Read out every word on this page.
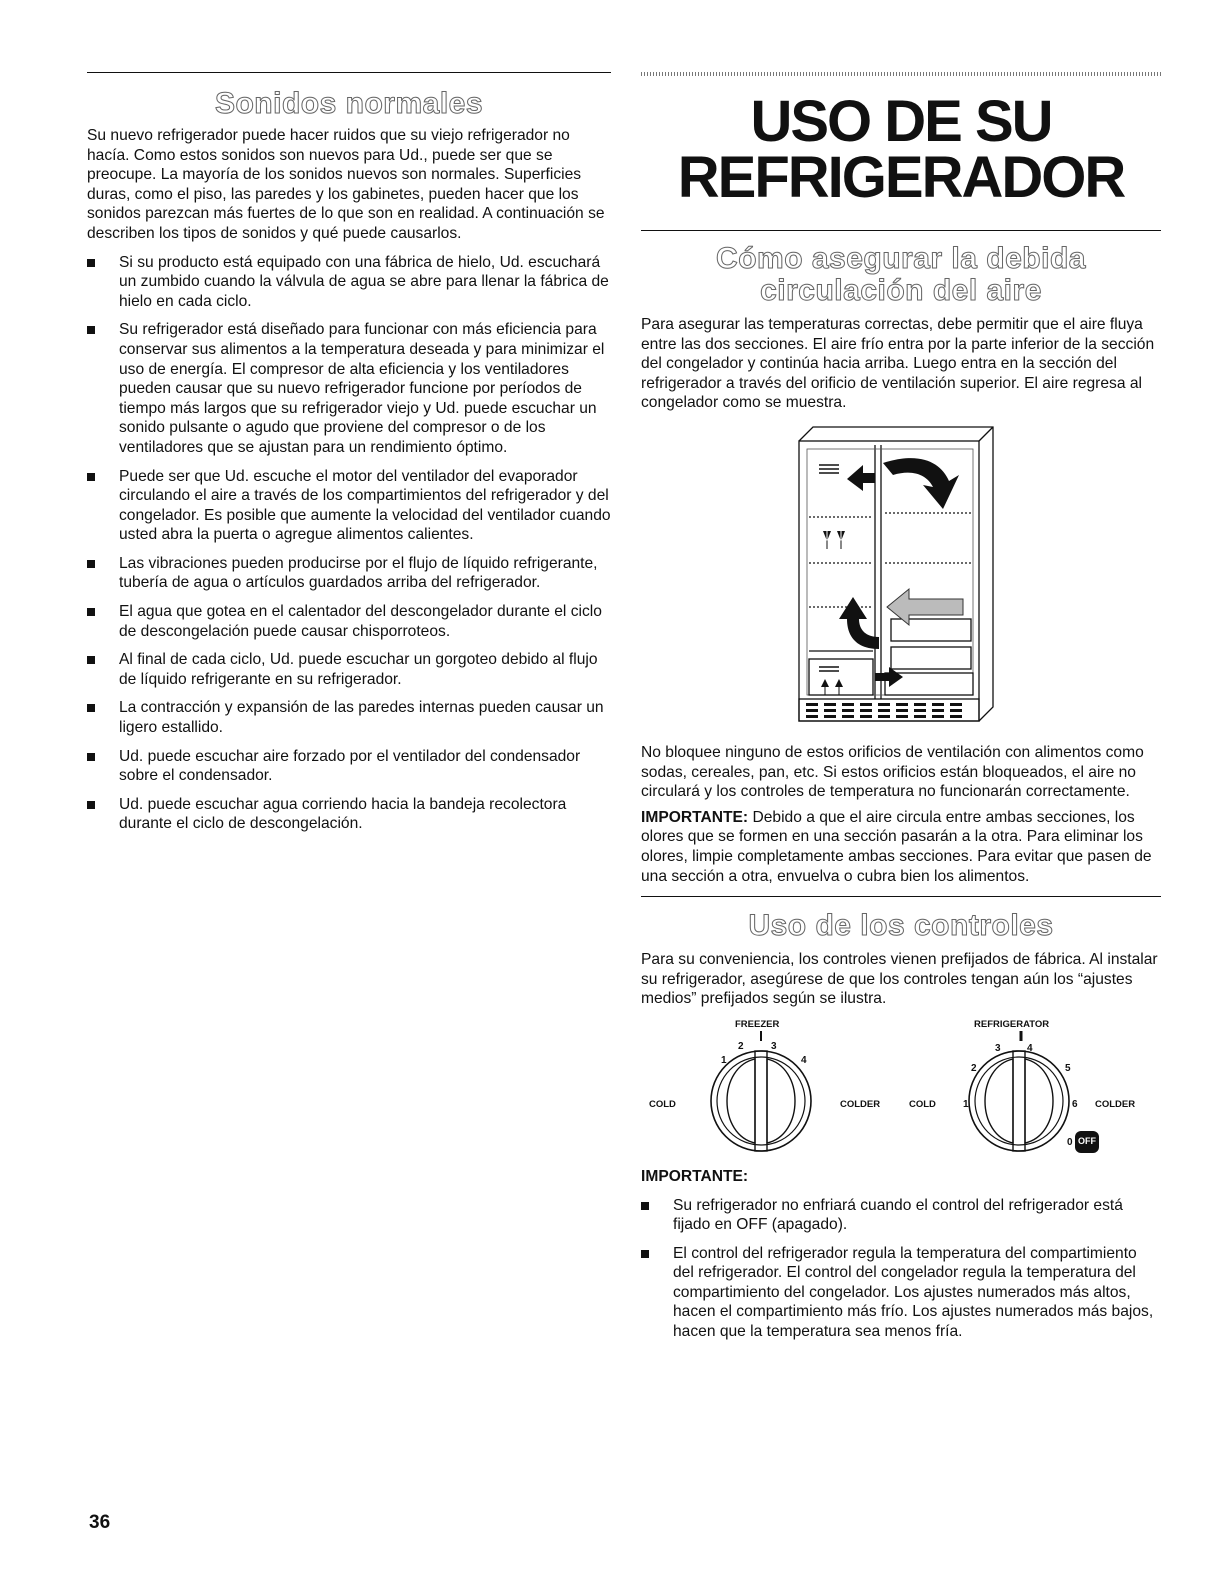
Sonidos normales

Su nuevo refrigerador puede hacer ruidos que su viejo refrigerador no hacía. Como estos sonidos son nuevos para Ud., puede ser que se preocupe. La mayoría de los sonidos nuevos son normales. Superficies duras, como el piso, las paredes y los gabinetes, pueden hacer que los sonidos parezcan más fuertes de lo que son en realidad. A continuación se describen los tipos de sonidos y qué puede causarlos.

Si su producto está equipado con una fábrica de hielo, Ud. escuchará un zumbido cuando la válvula de agua se abre para llenar la fábrica de hielo en cada ciclo.
Su refrigerador está diseñado para funcionar con más eficiencia para conservar sus alimentos a la temperatura deseada y para minimizar el uso de energía. El compresor de alta eficiencia y los ventiladores pueden causar que su nuevo refrigerador funcione por períodos de tiempo más largos que su refrigerador viejo y Ud. puede escuchar un sonido pulsante o agudo que proviene del compresor o de los ventiladores que se ajustan para un rendimiento óptimo.
Puede ser que Ud. escuche el motor del ventilador del evaporador circulando el aire a través de los compartimientos del refrigerador y del congelador. Es posible que aumente la velocidad del ventilador cuando usted abra la puerta o agregue alimentos calientes.
Las vibraciones pueden producirse por el flujo de líquido refrigerante, tubería de agua o artículos guardados arriba del refrigerador.
El agua que gotea en el calentador del descongelador durante el ciclo de descongelación puede causar chisporroteos.
Al final de cada ciclo, Ud. puede escuchar un gorgoteo debido al flujo de líquido refrigerante en su refrigerador.
La contracción y expansión de las paredes internas pueden causar un ligero estallido.
Ud. puede escuchar aire forzado por el ventilador del condensador sobre el condensador.
Ud. puede escuchar agua corriendo hacia la bandeja recolectora durante el ciclo de descongelación.
USO DE SU
REFRIGERADOR
Cómo asegurar la debida circulación del aire

Para asegurar las temperaturas correctas, debe permitir que el aire fluya entre las dos secciones. El aire frío entra por la parte inferior de la sección del congelador y continúa hacia arriba. Luego entra en la sección del refrigerador a través del orificio de ventilación superior. El aire regresa al congelador como se muestra.

No bloquee ninguno de estos orificios de ventilación con alimentos como sodas, cereales, pan, etc. Si estos orificios están bloqueados, el aire no circulará y los controles de temperatura no funcionarán correctamente.

IMPORTANTE: Debido a que el aire circula entre ambas secciones, los olores que se formen en una sección pasarán a la otra. Para eliminar los olores, limpie completamente ambas secciones. Para evitar que pasen de una sección a otra, envuelva o cubra bien los alimentos.

Uso de los controles

Para su conveniencia, los controles vienen prefijados de fábrica. Al instalar su refrigerador, asegúrese de que los controles tengan aún los “ajustes medios” prefijados según se ilustra.

FREEZER	REFRIGERATOR
COLD	COLDER	COLD	COLDER
1
2	3
4
1
2
3	4
5
6
0 OFF

IMPORTANTE:

Su refrigerador no enfriará cuando el control del refrigerador está fijado en OFF (apagado).
El control del refrigerador regula la temperatura del compartimiento del refrigerador. El control del congelador regula la temperatura del compartimiento del congelador. Los ajustes numerados más altos, hacen el compartimiento más frío. Los ajustes numerados más bajos, hacen que la temperatura sea menos fría.
36
